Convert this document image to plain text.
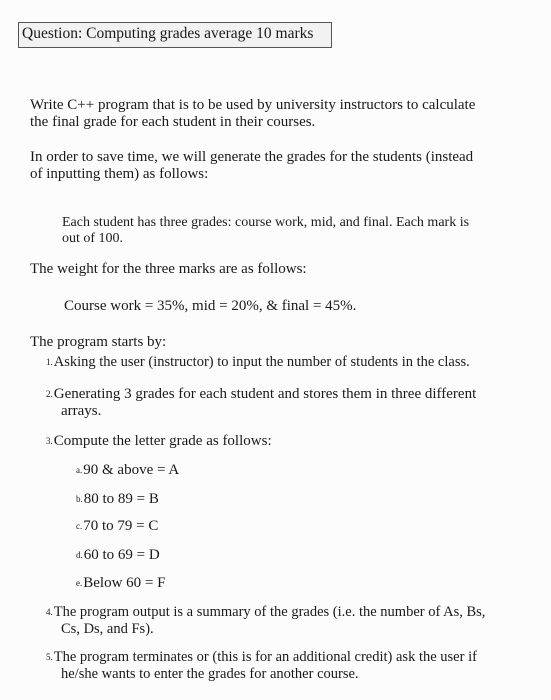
Question: Computing grades average 10 marks
Write C++ program that is to be used by university instructors to calculate
the final grade for each student in their courses.
In order to save time, we will generate the grades for the students (instead
of inputting them) as follows:
Each student has three grades: course work, mid, and final. Each mark is
out of 100.
The weight for the three marks are as follows:
Course work = 35%, mid = 20%, & final = 45%.
The program starts by:
1.Asking the user (instructor) to input the number of students in the class.
2.Generating 3 grades for each student and stores them in three different
arrays.
3.Compute the letter grade as follows:
a.90 & above = A
b.80 to 89 = B
c.70 to 79 = C
d.60 to 69 = D
e.Below 60 = F
4.The program output is a summary of the grades (i.e. the number of As, Bs,
Cs, Ds, and Fs).
5.The program terminates or (this is for an additional credit) ask the user if
he/she wants to enter the grades for another course.
